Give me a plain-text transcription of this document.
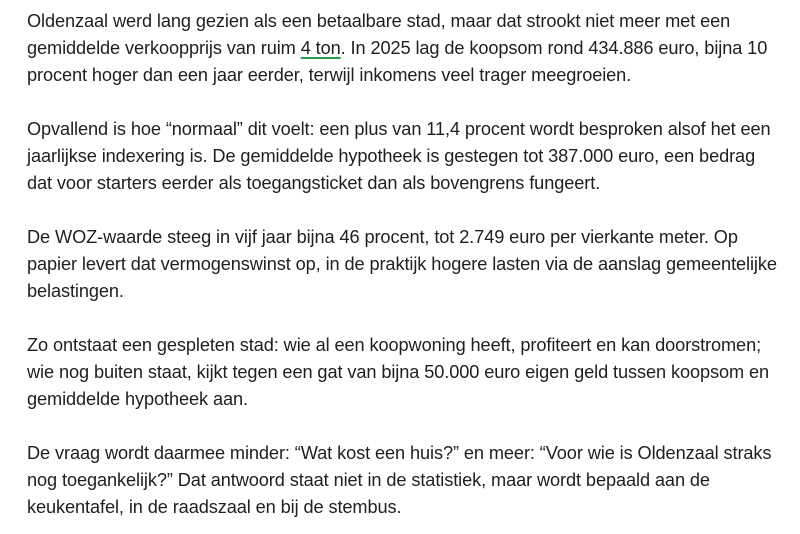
Oldenzaal werd lang gezien als een betaalbare stad, maar dat strookt niet meer met een gemiddelde verkoopprijs van ruim 4 ton. In 2025 lag de koopsom rond 434.886 euro, bijna 10 procent hoger dan een jaar eerder, terwijl inkomens veel trager meegroeien.

Opvallend is hoe “normaal” dit voelt: een plus van 11,4 procent wordt besproken alsof het een jaarlijkse indexering is. De gemiddelde hypotheek is gestegen tot 387.000 euro, een bedrag dat voor starters eerder als toegangsticket dan als bovengrens fungeert.

De WOZ-waarde steeg in vijf jaar bijna 46 procent, tot 2.749 euro per vierkante meter. Op papier levert dat vermogenswinst op, in de praktijk hogere lasten via de aanslag gemeentelijke belastingen.

Zo ontstaat een gespleten stad: wie al een koopwoning heeft, profiteert en kan doorstromen; wie nog buiten staat, kijkt tegen een gat van bijna 50.000 euro eigen geld tussen koopsom en gemiddelde hypotheek aan.

De vraag wordt daarmee minder: “Wat kost een huis?” en meer: “Voor wie is Oldenzaal straks nog toegankelijk?” Dat antwoord staat niet in de statistiek, maar wordt bepaald aan de keukentafel, in de raadszaal en bij de stembus.
